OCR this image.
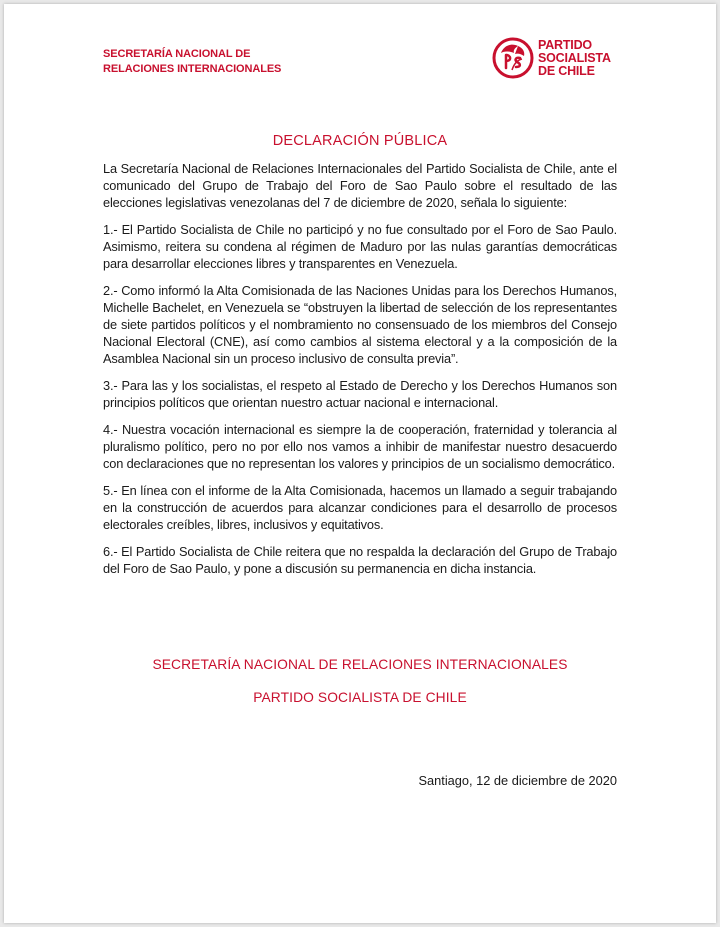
SECRETARÍA NACIONAL DE
RELACIONES INTERNACIONALES
PARTIDO
SOCIALISTA
DE CHILE
DECLARACIÓN PÚBLICA

La Secretaría Nacional de Relaciones Internacionales del Partido Socialista de Chile, ante el comunicado del Grupo de Trabajo del Foro de Sao Paulo sobre el resultado de las elecciones legislativas venezolanas del 7 de diciembre de 2020, señala lo siguiente:

1.- El Partido Socialista de Chile no participó y no fue consultado por el Foro de Sao Paulo. Asimismo, reitera su condena al régimen de Maduro por las nulas garantías democráticas para desarrollar elecciones libres y transparentes en Venezuela.

2.- Como informó la Alta Comisionada de las Naciones Unidas para los Derechos Humanos, Michelle Bachelet, en Venezuela se “obstruyen la libertad de selección de los representantes de siete partidos políticos y el nombramiento no consensuado de los miembros del Consejo Nacional Electoral (CNE), así como cambios al sistema electoral y a la composición de la Asamblea Nacional sin un proceso inclusivo de consulta previa”.

3.- Para las y los socialistas, el respeto al Estado de Derecho y los Derechos Humanos son principios políticos que orientan nuestro actuar nacional e internacional.

4.- Nuestra vocación internacional es siempre la de cooperación, fraternidad y tolerancia al pluralismo político, pero no por ello nos vamos a inhibir de manifestar nuestro desacuerdo con declaraciones que no representan los valores y principios de un socialismo democrático.

5.- En línea con el informe de la Alta Comisionada, hacemos un llamado a seguir trabajando en la construcción de acuerdos para alcanzar condiciones para el desarrollo de procesos electorales creíbles, libres, inclusivos y equitativos.

6.- El Partido Socialista de Chile reitera que no respalda la declaración del Grupo de Trabajo del Foro de Sao Paulo, y pone a discusión su permanencia en dicha instancia.

SECRETARÍA NACIONAL DE RELACIONES INTERNACIONALES
PARTIDO SOCIALISTA DE CHILE
Santiago, 12 de diciembre de 2020
